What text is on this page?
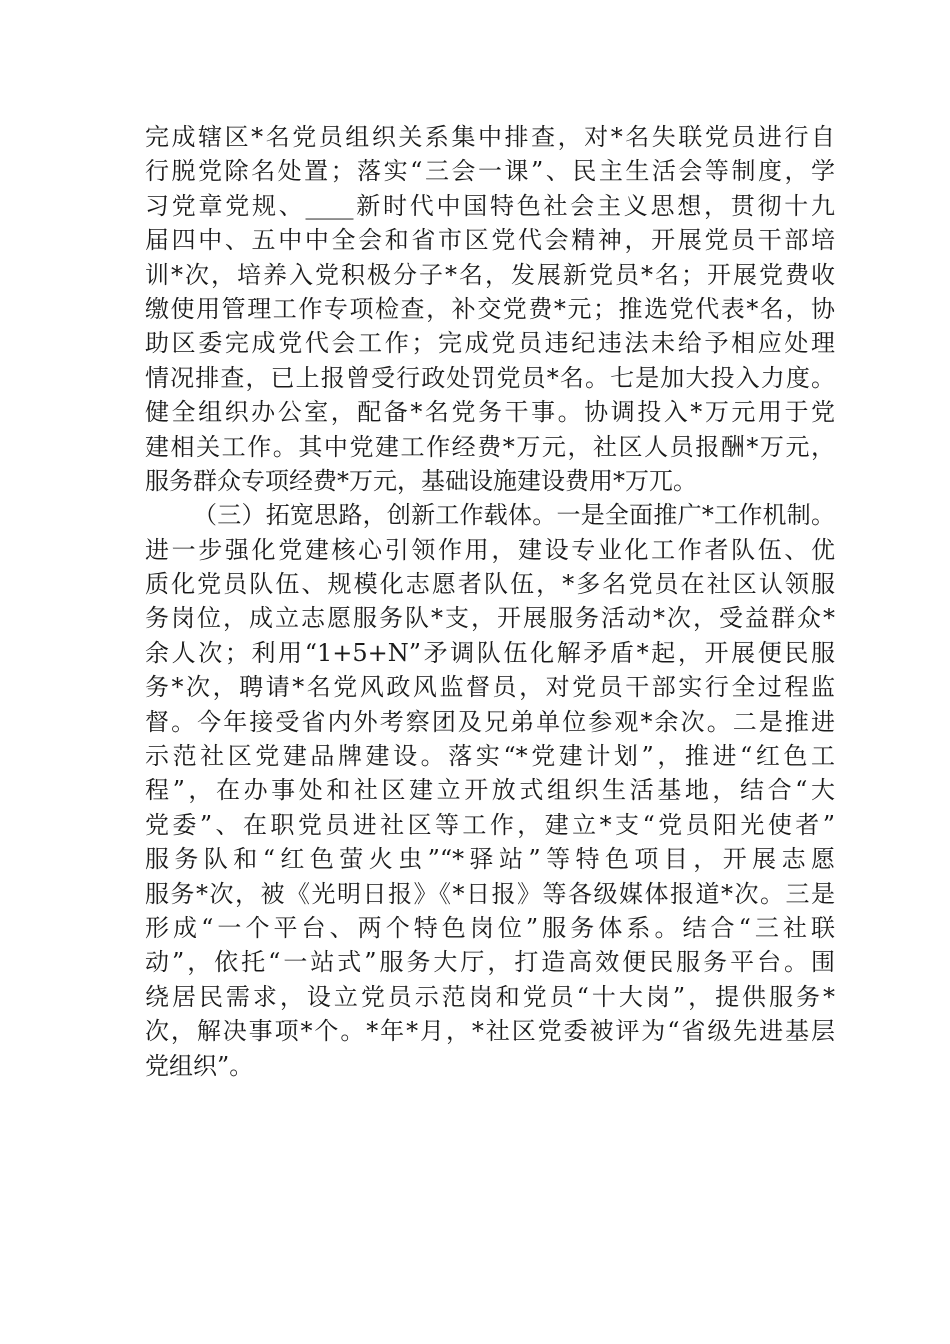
完成辖区*名党员组织关系集中排查，对*名失联党员进行自
行脱党除名处置；落实“三会一课”、民主生活会等制度，学
习党章党规、____新时代中国特色社会主义思想，贯彻十九
届四中、五中中全会和省市区党代会精神，开展党员干部培
训*次，培养入党积极分子*名，发展新党员*名；开展党费收
缴使用管理工作专项检查，补交党费*元；推选党代表*名，协
助区委完成党代会工作；完成党员违纪违法未给予相应处理
情况排查，已上报曾受行政处罚党员*名。七是加大投入力度。
健全组织办公室，配备*名党务干事。协调投入*万元用于党
建相关工作。其中党建工作经费*万元，社区人员报酬*万元，
服务群众专项经费*万元，基础设施建设费用*万兀。
（三）拓宽思路，创新工作载体。一是全面推广*工作机制。
进一步强化党建核心引领作用，建设专业化工作者队伍、优
质化党员队伍、规模化志愿者队伍，*多名党员在社区认领服
务岗位，成立志愿服务队*支，开展服务活动*次，受益群众*
余人次；利用“1+5+N”矛调队伍化解矛盾*起，开展便民服
务*次，聘请*名党风政风监督员，对党员干部实行全过程监
督。今年接受省内外考察团及兄弟单位参观*余次。二是推进
示范社区党建品牌建设。落实“*党建计划”，推进“红色工
程”，在办事处和社区建立开放式组织生活基地，结合“大
党委”、在职党员进社区等工作，建立*支“党员阳光使者”
服务队和“红色萤火虫”“*驿站”等特色项目，开展志愿
服务*次，被《光明日报》《*日报》等各级媒体报道*次。三是
形成“一个平台、两个特色岗位”服务体系。结合“三社联
动”，依托“一站式”服务大厅，打造高效便民服务平台。围
绕居民需求，设立党员示范岗和党员“十大岗”，提供服务*
次，解决事项*个。*年*月，*社区党委被评为“省级先进基层
党组织”。
